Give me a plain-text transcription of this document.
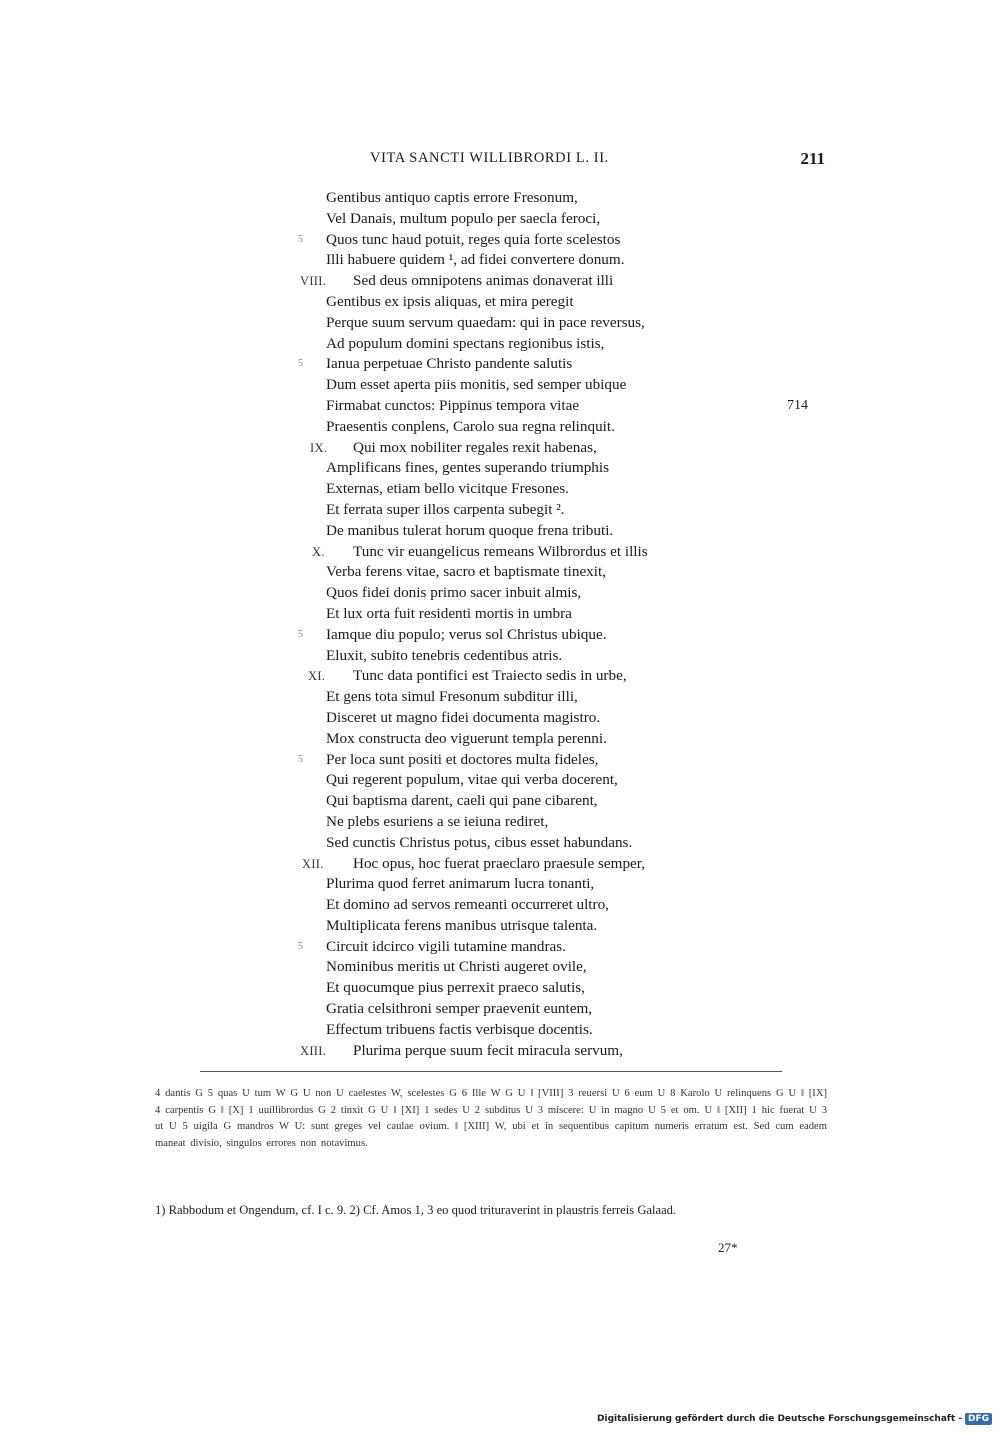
VITA SANCTI WILLIBRORDI L. II.	211
Gentibus antiquo captis errore Fresonum,
Vel Danais, multum populo per saecla feroci,
5 Quos tunc haud potuit, reges quia forte scelestos
Illi habuere quidem ¹, ad fidei convertere donum.
VIII. Sed deus omnipotens animas donaverat illi
Gentibus ex ipsis aliquas, et mira peregit
Perque suum servum quaedam: qui in pace reversus,
Ad populum domini spectans regionibus istis,
5 Ianua perpetuae Christo pandente salutis
Dum esset aperta piis monitis, sed semper ubique
Firmabat cunctos: Pippinus tempora vitae	714
Praesentis conplens, Carolo sua regna relinquit.
IX. Qui mox nobiliter regales rexit habenas,
Amplificans fines, gentes superando triumphis
Externas, etiam bello vicitque Fresones.
Et ferrata super illos carpenta subegit ².
De manibus tulerat horum quoque frena tributi.
X. Tunc vir euangelicus remeans Wilbrordus et illis
Verba ferens vitae, sacro et baptismate tinexit,
Quos fidei donis primo sacer inbuit almis,
Et lux orta fuit residenti mortis in umbra
5 Iamque diu populo; verus sol Christus ubique.
Eluxit, subito tenebris cedentibus atris.
XI. Tunc data pontifici est Traiecto sedis in urbe,
Et gens tota simul Fresonum subditur illi,
Disceret ut magno fidei documenta magistro.
Mox constructa deo viguerunt templa perenni.
5 Per loca sunt positi et doctores multa fideles,
Qui regerent populum, vitae qui verba docerent,
Qui baptisma darent, caeli qui pane cibarent,
Ne plebs esuriens a se ieiuna rediret,
Sed cunctis Christus potus, cibus esset habundans.
XII. Hoc opus, hoc fuerat praeclaro praesule semper,
Plurima quod ferret animarum lucra tonanti,
Et domino ad servos remeanti occurreret ultro,
Multiplicata ferens manibus utrisque talenta.
5 Circuit idcirco vigili tutamine mandras.
Nominibus meritis ut Christi augeret ovile,
Et quocumque pius perrexit praeco salutis,
Gratia celsithroni semper praevenit euntem,
Effectum tribuens factis verbisque docentis.
XIII. Plurima perque suum fecit miracula servum,
4 dantis G 5 quas U tum W G U non U caelestes W, scelestes G 6 Ille W G U ‖ [VIII] 3 reuersi U 6 eum U 8 Karolo U relinquens G U ‖ [IX] 4 carpentis G ‖ [X] 1 uuillibrordus G 2 tinxit G U ‖ [XI] 1 sedes U 2 subditus U 3 miscere: U in magno U 5 et om. U ‖ [XII] 1 hic fuerat U 3 ut U 5 uigila G mandros W U: sunt greges vel caulae ovium. ‖ [XIII] W, ubi et in sequentibus capitum numeris erratum est. Sed cum eadem maneat divisio, singulos errores non notavimus.
1) Rabbodum et Ongendum, cf. I c. 9. 2) Cf. Amos 1, 3 eo quod trituraverint in plaustris ferreis Galaad.
27*
Digitalisierung gefördert durch die Deutsche Forschungsgemeinschaft - DFG
